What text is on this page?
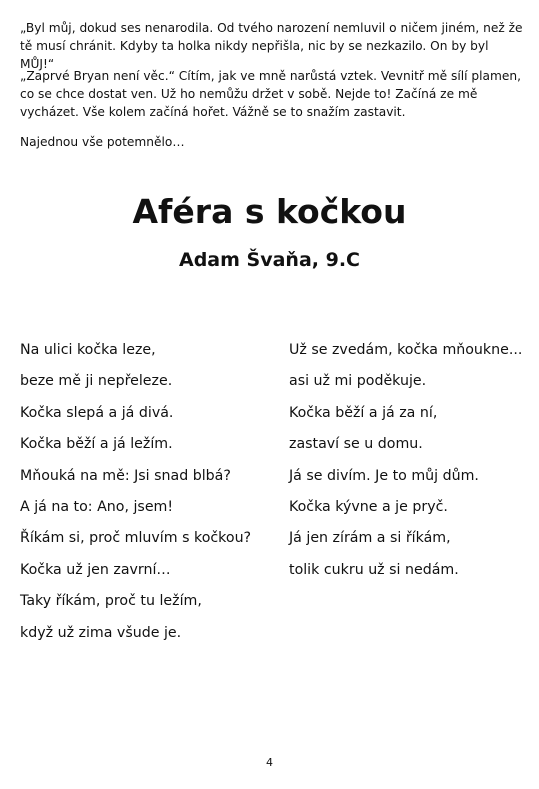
„Byl můj, dokud ses nenarodila. Od tvého narození nemluvil o ničem jiném, než že tě musí chránit. Kdyby ta holka nikdy nepřišla, nic by se nezkazilo. On by byl MŮJ!“

„Zaprvé Bryan není věc.“ Cítím, jak ve mně narůstá vztek. Vevnitř mě sílí plamen, co se chce dostat ven. Už ho nemůžu držet v sobě. Nejde to! Začíná ze mě vycházet. Vše kolem začíná hořet. Vážně se to snažím zastavit.

Najednou vše potemnělo…

Aféra s kočkou
Adam Švaňa, 9.C
Na ulici kočka leze,
beze mě ji nepřeleze.
Kočka slepá a já divá.
Kočka běží a já ležím.
Mňouká na mě: Jsi snad blbá?
A já na to: Ano, jsem!
Říkám si, proč mluvím s kočkou?
Kočka už jen zavrní…
Taky říkám, proč tu ležím,
když už zima všude je.
Už se zvedám, kočka mňoukne...
asi už mi poděkuje.
Kočka běží a já za ní,
zastaví se u domu.
Já se divím. Je to můj dům.
Kočka kývne a je pryč.
Já jen zírám a si říkám,
tolik cukru už si nedám.
4
